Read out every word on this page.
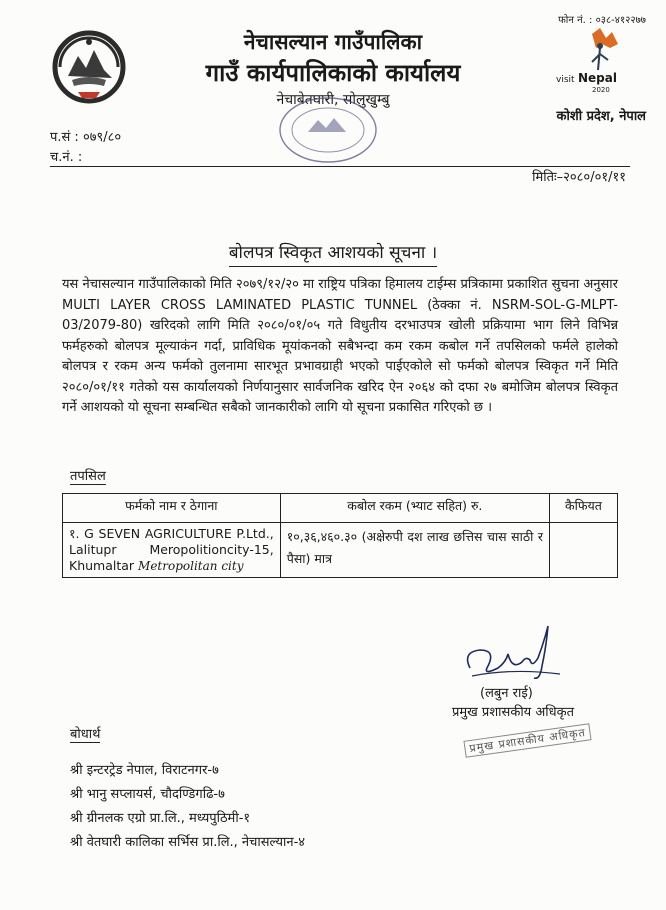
फोन नं. : ०३८-४१२२७७
नेचासल्यान गाउँपालिका
गाउँ कार्यपालिकाको कार्यालय
नेचाबेतघारी, सोलुखुम्बु
visit Nepal
2020
कोशी प्रदेश, नेपाल
प.सं : ०७९/८०
च.नं. :
मितिः–२०८०/०१/११
बोलपत्र स्विकृत आशयको सूचना ।
यस नेचासल्यान गाउँपालिकाको मिति २०७९/१२/२० मा राष्ट्रिय पत्रिका हिमालय टाईम्स प्रत्रिकामा प्रकाशित सुचना अनुसार MULTI LAYER CROSS LAMINATED PLASTIC TUNNEL (ठेक्का नं. NSRM-SOL-G-MLPT-03/2079-80) खरिदको लागि मिति २०८०/०१/०५ गते विधुतीय दरभाउपत्र खोली प्रक्रियामा भाग लिने विभिन्न फर्महरुको बोलपत्र मूल्याकंन गर्दा, प्राविधिक मूयांकनको सबैभन्दा कम रकम कबोल गर्ने तपसिलको फर्मले हालेको बोलपत्र र रकम अन्य फर्मको तुलनामा सारभूत प्रभावग्राही भएको पाईएकोले सो फर्मको बोलपत्र स्विकृत गर्ने मिति २०८०/०१/११ गतेको यस कार्यालयको निर्णयानुसार सार्वजनिक खरिद ऐन २०६४ को दफा २७ बमोजिम बोलपत्र स्विकृत गर्ने आशयको यो सूचना सम्बन्धित सबैको जानकारीको लागि यो सूचना प्रकासित गरिएको छ ।
तपसिल
फर्मको नाम र ठेगाना	कबोल रकम (भ्याट सहित) रु.	कैफियत
१. G SEVEN AGRICULTURE P.Ltd., Lalitupr Meropolitioncity-15, Khumaltar Metropolitan city	१०,३६,४६०.३० (अक्षेरुपी दश लाख छत्तिस चास साठी र पैसा) मात्र	
(लबुन राई)
प्रमुख प्रशासकीय अधिकृत
प्रमुख प्रशासकीय अधिकृत
बोधार्थ
श्री इन्टरट्रेड नेपाल, विराटनगर-७
श्री भानु सप्लायर्स, चौदण्डिगढि-७
श्री ग्रीनलक एग्रो प्रा.लि., मध्यपुठिमी-१
श्री वेतघारी कालिका सर्भिस प्रा.लि., नेचासल्यान-४
